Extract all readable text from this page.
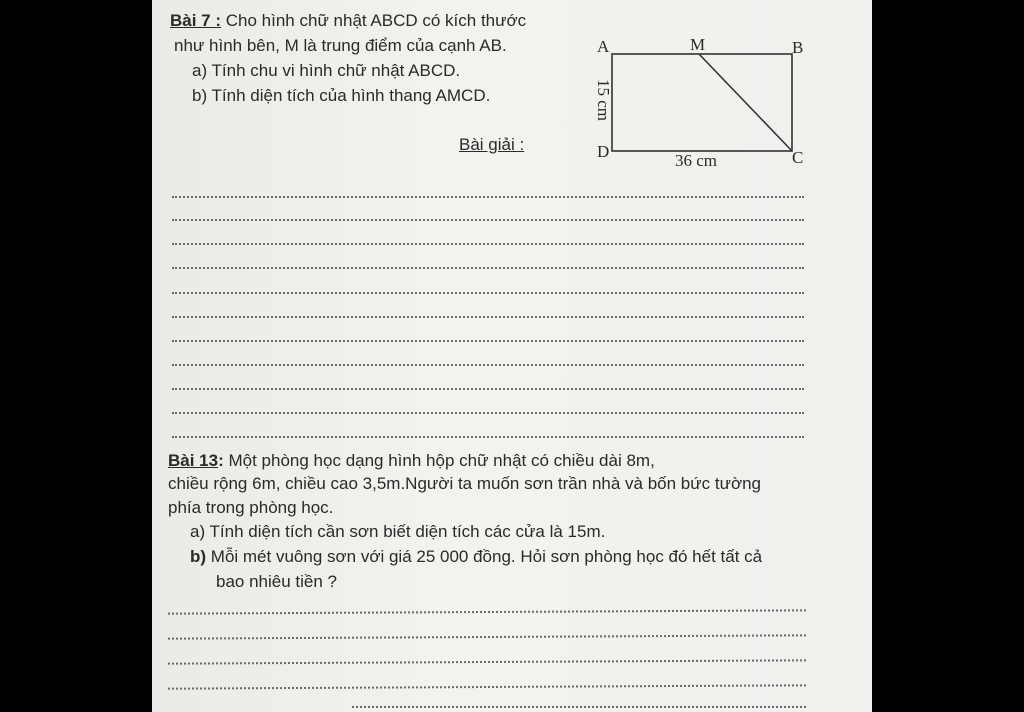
Bài 7 : Cho hình chữ nhật ABCD có kích thước
như hình bên, M là trung điểm của cạnh AB.
a) Tính chu vi hình chữ nhật ABCD.
b) Tính diện tích của hình thang AMCD.
Bài giải :
A	M	B
D	C
36 cm
15 cm
Bài 13: Một phòng học dạng hình hộp chữ nhật có chiều dài 8m,
chiều rộng 6m, chiều cao 3,5m.Người ta muốn sơn trần nhà và bốn bức tường
phía trong phòng học.
a) Tính diện tích cần sơn biết diện tích các cửa là 15m.
b) Mỗi mét vuông sơn với giá 25 000 đồng. Hỏi sơn phòng học đó hết tất cả
bao nhiêu tiền ?
